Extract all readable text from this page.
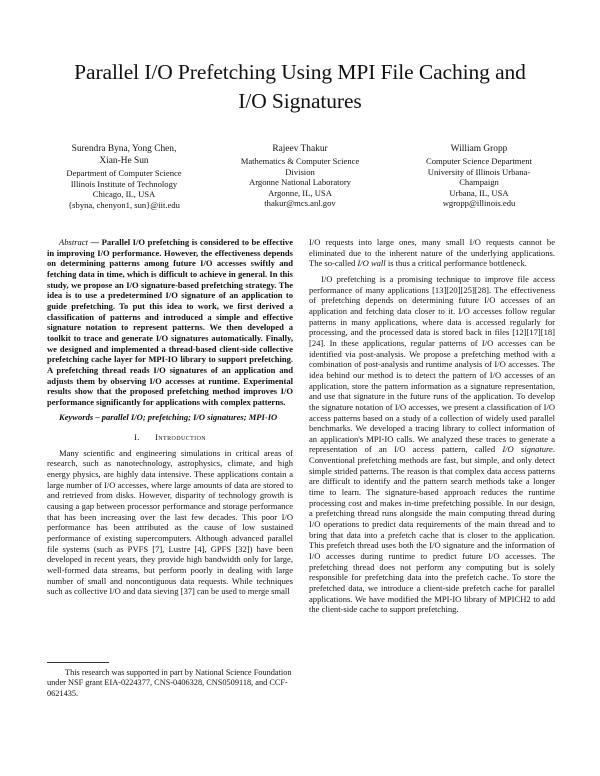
Parallel I/O Prefetching Using MPI File Caching and
I/O Signatures
Surendra Byna, Yong Chen,
Xian-He Sun
Department of Computer Science
Illinois Institute of Technology
Chicago, IL, USA
{sbyna, chenyon1, sun}@iit.edu
Rajeev Thakur
Mathematics & Computer Science
Division
Argonne National Laboratory
Argonne, IL, USA
thakur@mcs.anl.gov
William Gropp
Computer Science Department
University of Illinois Urbana-
Champaign
Urbana, IL, USA
wgropp@illinois.edu

Abstract — Parallel I/O prefetching is considered to be effective in improving I/O performance. However, the effectiveness depends on determining patterns among future I/O accesses swiftly and fetching data in time, which is difficult to achieve in general. In this study, we propose an I/O signature-based prefetching strategy. The idea is to use a predetermined I/O signature of an application to guide prefetching. To put this idea to work, we first derived a classification of patterns and introduced a simple and effective signature notation to represent patterns. We then developed a toolkit to trace and generate I/O signatures automatically. Finally, we designed and implemented a thread-based client-side collective prefetching cache layer for MPI-IO library to support prefetching. A prefetching thread reads I/O signatures of an application and adjusts them by observing I/O accesses at runtime. Experimental results show that the proposed prefetching method improves I/O performance significantly for applications with complex patterns.

Keywords – parallel I/O; prefetching; I/O signatures; MPI-IO

I. Introduction

Many scientific and engineering simulations in critical areas of research, such as nanotechnology, astrophysics, climate, and high energy physics, are highly data intensive. These applications contain a large number of I/O accesses, where large amounts of data are stored to and retrieved from disks. However, disparity of technology growth is causing a gap between processor performance and storage performance that has been increasing over the last few decades. This poor I/O performance has been attributed as the cause of low sustained performance of existing supercomputers. Although advanced parallel file systems (such as PVFS [7], Lustre [4], GPFS [32]) have been developed in recent years, they provide high bandwidth only for large, well-formed data streams, but perform poorly in dealing with large number of small and noncontiguous data requests. While techniques such as collective I/O and data sieving [37] can be used to merge small

This research was supported in part by National Science Foundation under NSF grant EIA-0224377, CNS-0406328, CNS0509118, and CCF-0621435.

I/O requests into large ones, many small I/O requests cannot be eliminated due to the inherent nature of the underlying applications. The so-called I/O wall is thus a critical performance bottleneck.

I/O prefetching is a promising technique to improve file access performance of many applications [13][20][25][28]. The effectiveness of prefetching depends on determining future I/O accesses of an application and fetching data closer to it. I/O accesses follow regular patterns in many applications, where data is accessed regularly for processing, and the processed data is stored back in files [12][17][18][24]. In these applications, regular patterns of I/O accesses can be identified via post-analysis. We propose a prefetching method with a combination of post-analysis and runtime analysis of I/O accesses. The idea behind our method is to detect the pattern of I/O accesses of an application, store the pattern information as a signature representation, and use that signature in the future runs of the application. To develop the signature notation of I/O accesses, we present a classification of I/O access patterns based on a study of a collection of widely used parallel benchmarks. We developed a tracing library to collect information of an application's MPI-IO calls. We analyzed these traces to generate a representation of an I/O access pattern, called I/O signature. Conventional prefetching methods are fast, but simple, and only detect simple strided patterns. The reason is that complex data access patterns are difficult to identify and the pattern search methods take a longer time to learn. The signature-based approach reduces the runtime processing cost and makes in-time prefetching possible. In our design, a prefetching thread runs alongside the main computing thread during I/O operations to predict data requirements of the main thread and to bring that data into a prefetch cache that is closer to the application. This prefetch thread uses both the I/O signature and the information of I/O accesses during runtime to predict future I/O accesses. The prefetching thread does not perform any computing but is solely responsible for prefetching data into the prefetch cache. To store the prefetched data, we introduce a client-side prefetch cache for parallel applications. We have modified the MPI-IO library of MPICH2 to add the client-side cache to support prefetching.
